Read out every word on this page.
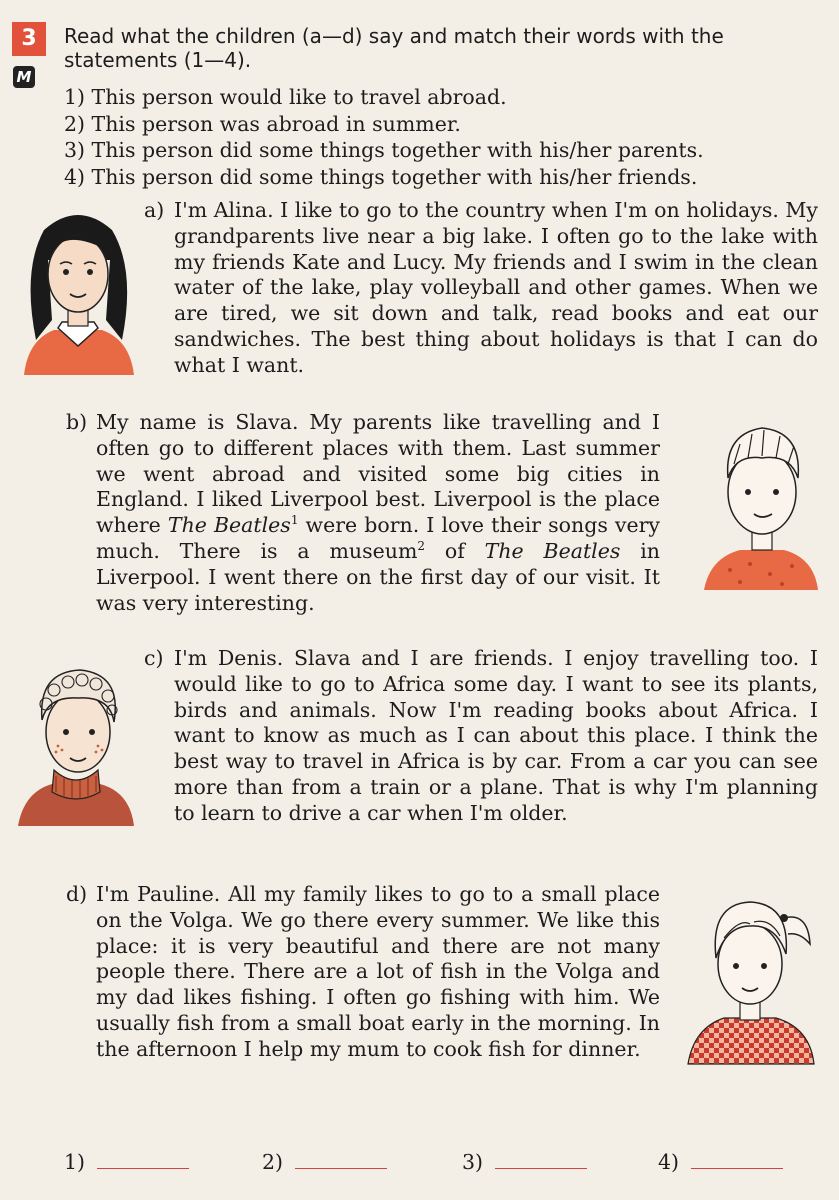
3
M
Read what the children (a—d) say and match their words with the statements (1—4).
1) This person would like to travel abroad.
2) This person was abroad in summer.
3) This person did some things together with his/her parents.
4) This person did some things together with his/her friends.
a) I'm Alina. I like to go to the country when I'm on holidays. My grandparents live near a big lake. I often go to the lake with my friends Kate and Lucy. My friends and I swim in the clean water of the lake, play volleyball and other games. When we are tired, we sit down and talk, read books and eat our sandwiches. The best thing about holidays is that I can do what I want.
b) My name is Slava. My parents like travelling and I often go to different places with them. Last summer we went abroad and visited some big cities in England. I liked Liverpool best. Liverpool is the place where The Beatles$^1$ were born. I love their songs very much. There is a museum$^2$ of The Beatles in Liverpool. I went there on the first day of our visit. It was very interesting.
c) I'm Denis. Slava and I are friends. I enjoy travelling too. I would like to go to Africa some day. I want to see its plants, birds and animals. Now I'm reading books about Africa. I want to know as much as I can about this place. I think the best way to travel in Africa is by car. From a car you can see more than from a train or a plane. That is why I'm planning to learn to drive a car when I'm older.
d) I'm Pauline. All my family likes to go to a small place on the Volga. We go there every summer. We like this place: it is very beautiful and there are not many people there. There are a lot of fish in the Volga and my dad likes fishing. I often go fishing with him. We usually fish from a small boat early in the morning. In the afternoon I help my mum to cook fish for dinner.
1)	2)	3)	4)
